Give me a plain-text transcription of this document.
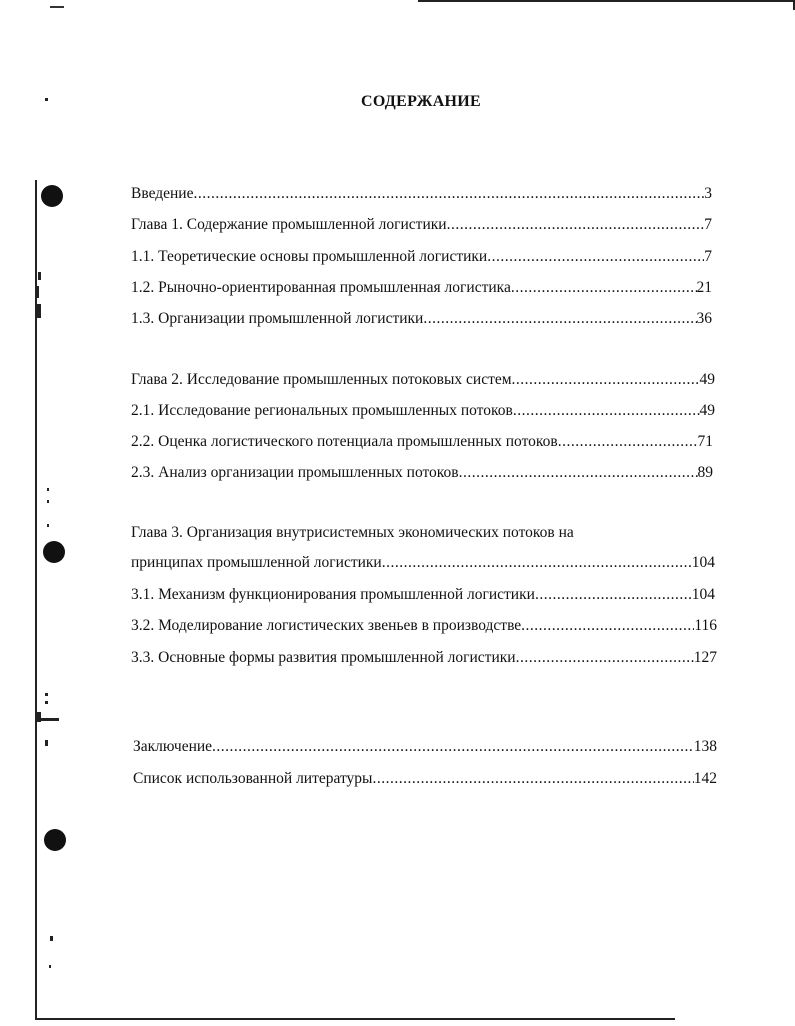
СОДЕРЖАНИЕ
Введение .....	3
Глава 1. Содержание промышленной логистики .....	7
1.1. Теоретические основы промышленной логистики .....	7
1.2. Рыночно-ориентированная промышленная логистика .....	21
1.3. Организации промышленной логистики .....	36
Глава 2. Исследование промышленных потоковых систем .....	49
2.1. Исследование региональных промышленных потоков .....	49
2.2. Оценка логистического потенциала промышленных потоков .....	71
2.3. Анализ организации промышленных потоков .....	89
Глава 3. Организация внутрисистемных экономических потоков на
принципах промышленной логистики .....	104
3.1. Механизм функционирования промышленной логистики .....	104
3.2. Моделирование логистических звеньев в производстве .....	116
3.3. Основные формы развития промышленной логистики .....	127
Заключение .....	138
Список использованной литературы .....	142
